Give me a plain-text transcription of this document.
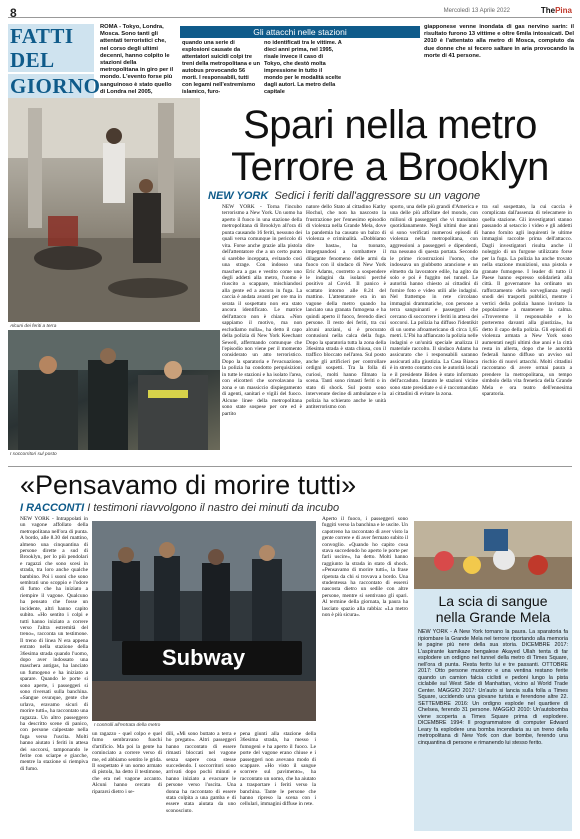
8	Mercoledì 13 Aprile 2022	ThePina
FATTI DEL
GIORNO
ROMA - Tokyo, Londra, Mosca. Sono tanti gli attentati terroristici che, nel corso degli ultimi decenni, hanno colpito le stazioni della metropolitana in giro per il mondo. L'evento forse più sanguinoso è stato quello di Londra nel 2005,
Gli attacchi nelle stazioni
quando una serie di esplosioni causate da attentatori suicidi colpì tre treni della metropolitana e un autobus provocando 56 morti. I responsabili, tutti con legami nell'estremismo islamico, furo-
no identificati tra le vittime. A dieci anni prima, nel 1995, risale invece il caso di Tokyo, che destò molta impressione in tutto il mondo per le modalità scelte dagli autori. La metro della capitale
giapponese venne inondata di gas nervino sarin: il risultato furono 13 vittime e oltre 6mila intossicati. Del 2010 è l'attentato alla metro di Mosca, compiuto da due donne che si fecero saltare in aria provocando la morte di 41 persone.
Alcuni dei feriti a terra
Spari nella metro
Terrore a Brooklyn
NEW YORK Sedici i feriti dall'aggressore su un vagone
NEW YORK - Torna l'incubo terrorismo a New York. Un uomo ha aperto il fuoco in una stazione della metropolitana di Brooklyn all'ora di punta causando 16 feriti, nessuno dei quali versa comunque in pericolo di vita. Forse anche grazie alla pistola dell'attentatore che a un certo punto si sarebbe inceppata, evitando così una strage. Con indosso una maschera a gas e vestito come uno degli addetti alla metro, l'uomo è riuscito a scappare, mischiandosi alla gente ed a ancora in fuga. La caccia è andata avanti per ore ma in serata il sospettato non era stato ancora identificato. Le matrice dell'attacco non è chiara. «Non sappiamo il motivo, ma non escludiamo nulla», ha detto il capo della polizia di New York Keechant Sewell, affermando comunque che l'episodio non viene per il momento considerato un atto terroristico. Dopo la sparatoria e l'evacuazione, la polizia ha condotto perquisizioni in tutte le stazioni e ha isolato l'area, con elicotteri che sorvolavano la zona e un massiccio dispiegamento di agenti, sanitari e vigili del fuoco. Alcune linee della metropolitana sono state sospese per ore ed è partito
natore dello Stato al cittadino Kathy Hochul, che non ha nascosto la frustrazione per l'ennesimo episodio di violenza nella Grande Mela, dove la pandemia ha causato un balzo di violenza e criminalità. «Dobbiamo dire basta», ha tuonato, impegnandosi a combattere il dilagante fenomeno delle armi da fuoco con il sindaco di New York Eric Adams, costretto a sospendere le indagini da isolarsi perché positivo al Covid. Il panico è scattato intorno alle 8.24 del mattino. L'attentatore era in un vagone della metro quando ha lanciato una granata fumogena e ha quindi aperto il fuoco, ferendo dieci persone. Il resto dei feriti, tra cui alcuni anziani, si è procurato contusioni nella calca della fuga. Dopo la sparatoria tutta la zona della 36esima strada è stata chiusa, con il traffico bloccato nell'area. Sul posto anche gli artificieri per controllare ordigni sospetti. Tra la folla di curiosi, molti hanno filmato la scena. Tanti sono rimasti feriti o in stato di shock. Sul posto sono intervenute decine di ambulanze e la polizia ha schierato anche le unità antiterrorismo con
sporto, una delle più grandi d'America e una delle più affollate del mondo, con milioni di passeggeri che vi transitano quotidianamente. Negli ultimi due anni si sono verificati numerosi episodi di violenza nella metropolitana, con aggressioni a passeggeri e dipendenti, ma nessuno di questa portata. Secondo le prime ricostruzioni l'uomo, che indossava un giubbotto arancione e un elmetto da lavoratore edile, ha agito da solo e poi è fuggito nei tunnel. Le autorità hanno chiesto ai cittadini di fornire foto e video utili alle indagini. Nel frattempo in rete circolano immagini drammatiche, con persone a terra sanguinanti e passeggeri che cercano di soccorrere i feriti in attesa dei soccorsi. La polizia ha diffuso l'identikit di un uomo afroamericano di circa 1,65 metri. L'Fbi ha affiancato la polizia nelle indagini e un'unità speciale analizza il materiale raccolto. Il sindaco Adams ha assicurato che i responsabili saranno assicurati alla giustizia. La Casa Bianca è in stretto contatto con le autorità locali e il presidente Biden è stato informato dell'accaduto. Intanto le stazioni vicine sono state presidiate e si è raccomandato ai cittadini di evitare la zona.
tra sul sospettato, la cui caccia è complicata dall'assenza di telecamere in quella stazione. Gli investigatori stanno passando al setaccio i video e gli addetti hanno fornito agli inquirenti le ultime immagini raccolte prima dell'attacco. Dagli investigatori risulta anche il noleggio di un furgone utilizzato forse per la fuga. La polizia ha anche trovato nella stazione munizioni, una pistola e granate fumogene. I leader di tutto il Paese hanno espresso solidarietà alla città. Il governatore ha ordinato un rafforzamento della sorveglianza negli snodi dei trasporti pubblici, mentre i vertici della polizia hanno invitato la popolazione a mantenere la calma. «Troveremo il responsabile e lo porteremo davanti alla giustizia», ha detto il capo della polizia. Gli episodi di violenza armata a New York sono aumentati negli ultimi due anni e la città resta in allerta, dopo che le autorità federali hanno diffuso un avviso sul rischio di nuovi attacchi. Molti cittadini raccontano di avere ormai paura a prendere la metropolitana, un tempo simbolo della vita frenetica della Grande Mela e ora teatro dell'ennesima sparatoria.
I soccorritori sul posto
«Pensavamo di morire tutti»
I RACCONTI I testimoni riavvolgono il nastro dei minuti da incubo
NEW YORK - Intrappolati in un vagone affollato della metropolitana nell'ora di punta. A bordo, alle 8.30 del mattino, almeno una cinquantina di persone dirette a sud di Brooklyn, per lo più pendolari e ragazzi che sono scesi in strada, tra loro anche qualche bambino. Poi i suoni che sono sembrati uno scoppio e l'odore di fumo che ha iniziato a riempire il vagone. Qualcuno ha pensato che fosse un incidente, altri hanno capito subito. «Ho sentito i colpi e tutti hanno iniziato a correre verso l'altra estremità del treno», racconta un testimone. Il treno di linea N era appena entrato nella stazione della 36esima strada quando l'uomo, dopo aver indossato una maschera antigas, ha lanciato un fumogeno e ha iniziato a sparare. Quando le porte si sono aperte, i passeggeri si sono riversati sulla banchina. «Sangue ovunque, gente che urlava, eravamo sicuri di morire tutti», ha raccontato una ragazza. Un altro passeggero ha descritto scene di panico, con persone calpestate nella fuga verso l'uscita. Molti hanno aiutato i feriti in attesa dei soccorsi, tamponando le ferite con sciarpe e giacche, mentre la stazione si riempiva di fumo.
Subway
I controlli all'entrata della metro
un ragazzo - quel colpo e quel fumo sembravano fuochi d'artificio. Ma poi la gente ha cominciato a correre verso di me, ed abbiamo sentito le grida. Il sospettato è un uomo armato di pistola, ha detto il testimone, che era nel vagone accanto. Alcuni hanno cercato di ripararsi dietro i se-
dili, «Mi sono buttato a terra e ho pregato». Altri passeggeri hanno raccontato di essere rimasti bloccati nel vagone senza sapere cosa stesse succedendo. I soccorritori sono arrivati dopo pochi minuti e hanno iniziato a evacuare le persone verso l'uscita. Una donna ha raccontato di essere stata colpita a una gamba e di essere stata aiutata da uno sconosciuto.
pena giunti alla stazione della 36esima strada, ha messo i fumogeni e ha aperto il fuoco. Le porte del vagone erano chiuse e i passeggeri non avevano modo di scappare. «Ho visto il sangue scorrere sul pavimento», ha raccontato un uomo, che ha aiutato a trasportare i feriti verso la banchina. Tante le persone che hanno ripreso la scena con i cellulari, immagini diffuse in rete.
Aperto il fuoco, i passeggeri sono fuggiti verso la banchina e le uscite. Un capotreno ha raccontato di aver visto la gente correre e di aver fermato subito il convoglio. «Quando ho capito cosa stava succedendo ho aperto le porte per farli uscire», ha detto. Molti hanno raggiunto la strada in stato di shock. «Pensavamo di morire tutti», la frase ripetuta da chi si trovava a bordo. Una studentessa ha raccontato di essersi nascosta dietro un sedile con altre persone, mentre si sentivano gli spari. Al termine della giornata, la paura ha lasciato spazio alla rabbia: «La metro non è più sicura».
La scia di sangue
nella Grande Mela
NEW YORK - A New York tornano la paura. La sparatoria fa ripiombare la Grande Mela nel terrore riportando alla memoria le pagine più nere della sua storia. DICEMBRE 2017: L'aspirante kamikaze bengalese Akayed Ullah tenta di far esplodere un ordigno nel tunnel della metro di Times Square, nell'ora di punta. Resta ferito lui e tre passanti. OTTOBRE 2017: Otto persone muoiono e una ventina restano ferite quando un camion falcia ciclisti e pedoni lungo la pista ciclabile sul West Side di Manhattan, vicino al World Trade Center. MAGGIO 2017: Un'auto si lancia sulla folla a Times Square, uccidendo una giovane turista e ferendone altre 22. SETTEMBRE 2016: Un ordigno esplode nel quartiere di Chelsea, ferendo 31 persone. MAGGIO 2010: Un'autobomba viene scoperta a Times Square prima di esplodere. DICEMBRE 1994: Il programmatore di computer Edward Leary fa esplodere una bomba incendiaria su un treno della metropolitana di New York con due bombe, ferendo una cinquantina di persone e rimanendo lui stesso ferito.
